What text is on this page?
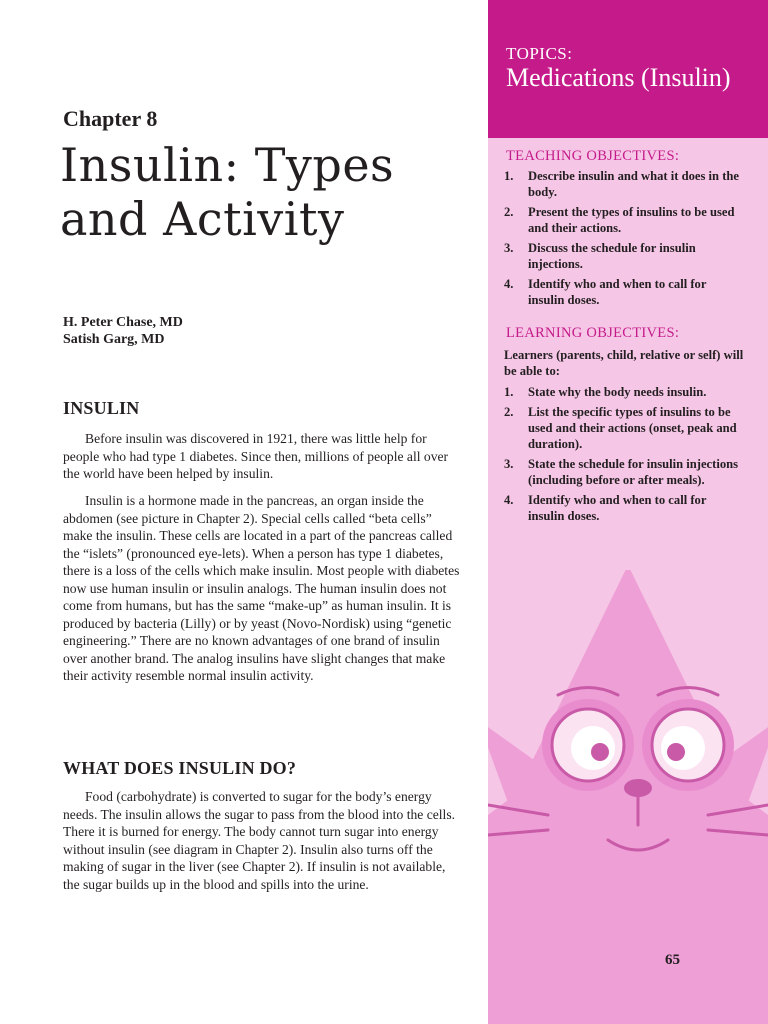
Chapter 8
Insulin: Types and Activity
H. Peter Chase, MD
Satish Garg, MD
INSULIN

Before insulin was discovered in 1921, there was little help for people who had type 1 diabetes. Since then, millions of people all over the world have been helped by insulin.

Insulin is a hormone made in the pancreas, an organ inside the abdomen (see picture in Chapter 2). Special cells called “beta cells” make the insulin. These cells are located in a part of the pancreas called the “islets” (pronounced eye-lets). When a person has type 1 diabetes, there is a loss of the cells which make insulin. Most people with diabetes now use human insulin or insulin analogs. The human insulin does not come from humans, but has the same “make-up” as human insulin. It is produced by bacteria (Lilly) or by yeast (Novo-Nordisk) using “genetic engineering.” There are no known advantages of one brand of insulin over another brand. The analog insulins have slight changes that make their activity resemble normal insulin activity.

WHAT DOES INSULIN DO?

Food (carbohydrate) is converted to sugar for the body’s energy needs. The insulin allows the sugar to pass from the blood into the cells. There it is burned for energy. The body cannot turn sugar into energy without insulin (see diagram in Chapter 2). Insulin also turns off the making of sugar in the liver (see Chapter 2). If insulin is not available, the sugar builds up in the blood and spills into the urine.

TOPICS:
Medications (Insulin)
TEACHING OBJECTIVES:
1. Describe insulin and what it does in the body.
2. Present the types of insulins to be used and their actions.
3. Discuss the schedule for insulin injections.
4. Identify who and when to call for insulin doses.
LEARNING OBJECTIVES:
Learners (parents, child, relative or self) will be able to:
1. State why the body needs insulin.
2. List the specific types of insulins to be used and their actions (onset, peak and duration).
3. State the schedule for insulin injections (including before or after meals).
4. Identify who and when to call for insulin doses.
65
